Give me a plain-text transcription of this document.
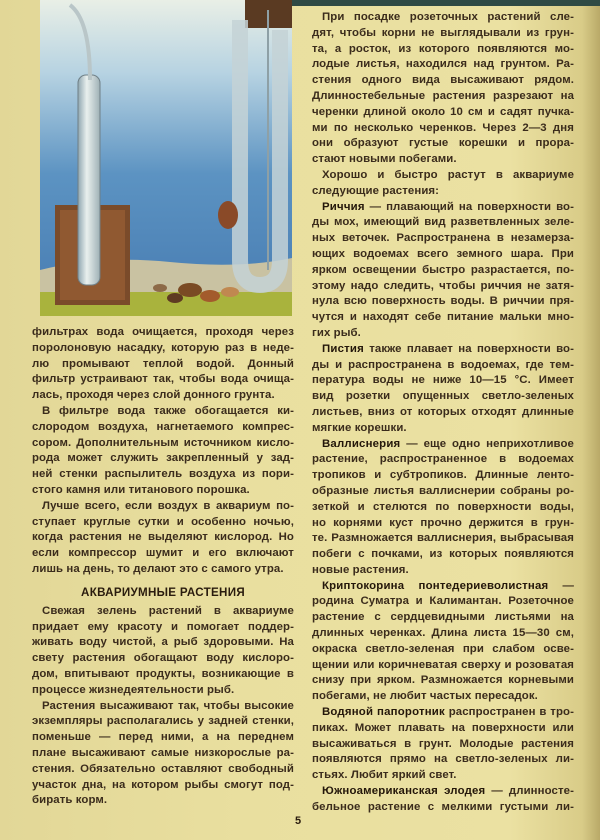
фильтрах вода очищается, проходя через
поролоновую насадку, которую раз в неде-
лю промывают теплой водой. Донный
фильтр устраивают так, чтобы вода очища-
лась, проходя через слой донного грунта.
В фильтре вода также обогащается ки-
слородом воздуха, нагнетаемого компрес-
сором. Дополнительным источником кисло-
рода может служить закрепленный у зад-
ней стенки распылитель воздуха из пори-
стого камня или титанового порошка.
Лучше всего, если воздух в аквариум по-
ступает круглые сутки и особенно ночью,
когда растения не выделяют кислород. Но
если компрессор шумит и его включают
лишь на день, то делают это с самого утра.
АКВАРИУМНЫЕ РАСТЕНИЯ
Свежая зелень растений в аквариуме
придает ему красоту и помогает поддер-
живать воду чистой, а рыб здоровыми. На
свету растения обогащают воду кислоро-
дом, впитывают продукты, возникающие в
процессе жизнедеятельности рыб.
Растения высаживают так, чтобы высокие
экземпляры располагались у задней стенки,
поменьше — перед ними, а на переднем
плане высаживают самые низкорослые ра-
стения. Обязательно оставляют свободный
участок дна, на котором рыбы смогут под-
бирать корм.
При посадке розеточных растений сле-
дят, чтобы корни не выглядывали из грун-
та, а росток, из которого появляются мо-
лодые листья, находился над грунтом. Ра-
стения одного вида высаживают рядом.
Длинностебельные растения разрезают на
черенки длиной около 10 см и садят пучка-
ми по несколько черенков. Через 2—3 дня
они образуют густые корешки и прора-
стают новыми побегами.
Хорошо и быстро растут в аквариуме
следующие растения:
Риччия — плавающий на поверхности во-
ды мох, имеющий вид разветвленных зеле-
ных веточек. Распространена в незамерза-
ющих водоемах всего земного шара. При
ярком освещении быстро разрастается, по-
этому надо следить, чтобы риччия не затя-
нула всю поверхность воды. В риччии пря-
чутся и находят себе питание мальки мно-
гих рыб.
Пистия также плавает на поверхности во-
ды и распространена в водоемах, где тем-
пература воды не ниже 10—15 °С. Имеет
вид розетки опущенных светло-зеленых
листьев, вниз от которых отходят длинные
мягкие корешки.
Валлиснерия — еще одно неприхотливое
растение, распространенное в водоемах
тропиков и субтропиков. Длинные ленто-
образные листья валлиснерии собраны ро-
зеткой и стелются по поверхности воды,
но корнями куст прочно держится в грун-
те. Размножается валлиснерия, выбрасывая
побеги с почками, из которых появляются
новые растения.
Криптокорина понтедериеволистная —
родина Суматра и Калимантан. Розеточное
растение с сердцевидными листьями на
длинных черенках. Длина листа 15—30 см,
окраска светло-зеленая при слабом осве-
щении или коричневатая сверху и розоватая
снизу при ярком. Размножается корневыми
побегами, не любит частых пересадок.
Водяной папоротник распространен в тро-
пиках. Может плавать на поверхности или
высаживаться в грунт. Молодые растения
появляются прямо на светло-зеленых ли-
стьях. Любит яркий свет.
Южноамериканская элодея — длинносте-
бельное растение с мелкими густыми ли-
5
